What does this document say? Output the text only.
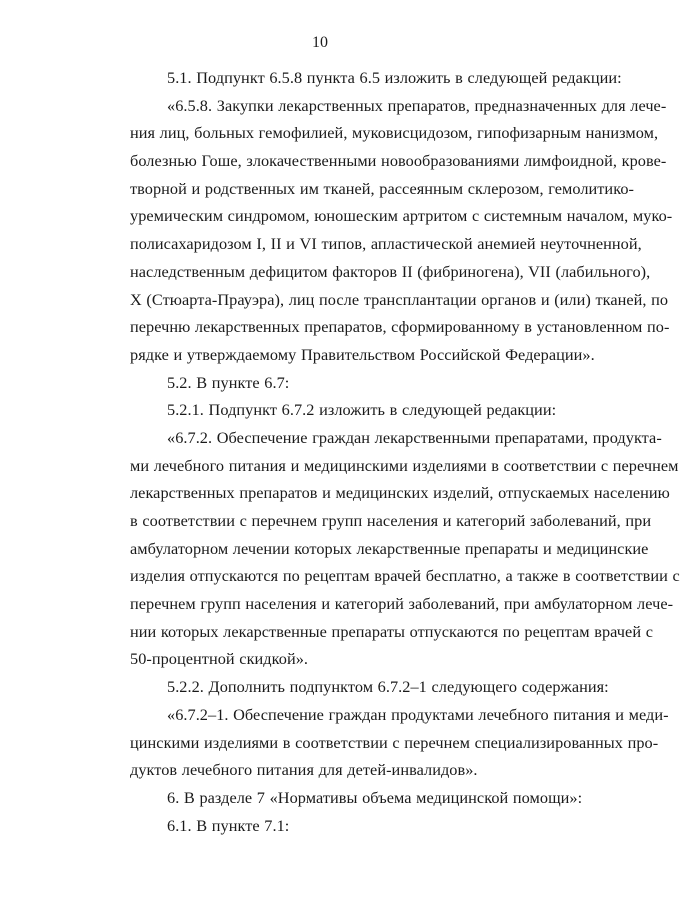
10
5.1. Подпункт 6.5.8 пункта 6.5 изложить в следующей редакции:
«6.5.8. Закупки лекарственных препаратов, предназначенных для лече-
ния лиц, больных гемофилией, муковисцидозом, гипофизарным нанизмом,
болезнью Гоше, злокачественными новообразованиями лимфоидной, крове-
творной и родственных им тканей, рассеянным склерозом, гемолитико-
уремическим синдромом, юношеским артритом с системным началом, муко-
полисахаридозом I, II и VI типов, апластической анемией неуточненной,
наследственным дефицитом факторов II (фибриногена), VII (лабильного),
X (Стюарта-Прауэра), лиц после трансплантации органов и (или) тканей, по
перечню лекарственных препаратов, сформированному в установленном по-
рядке и утверждаемому Правительством Российской Федерации».
5.2. В пункте 6.7:
5.2.1. Подпункт 6.7.2 изложить в следующей редакции:
«6.7.2. Обеспечение граждан лекарственными препаратами, продукта-
ми лечебного питания и медицинскими изделиями в соответствии с перечнем
лекарственных препаратов и медицинских изделий, отпускаемых населению
в соответствии с перечнем групп населения и категорий заболеваний, при
амбулаторном лечении которых лекарственные препараты и медицинские
изделия отпускаются по рецептам врачей бесплатно, а также в соответствии с
перечнем групп населения и категорий заболеваний, при амбулаторном лече-
нии которых лекарственные препараты отпускаются по рецептам врачей с
50-процентной скидкой».
5.2.2. Дополнить подпунктом 6.7.2–1 следующего содержания:
«6.7.2–1. Обеспечение граждан продуктами лечебного питания и меди-
цинскими изделиями в соответствии с перечнем специализированных про-
дуктов лечебного питания для детей-инвалидов».
6. В разделе 7 «Нормативы объема медицинской помощи»:
6.1. В пункте 7.1:
